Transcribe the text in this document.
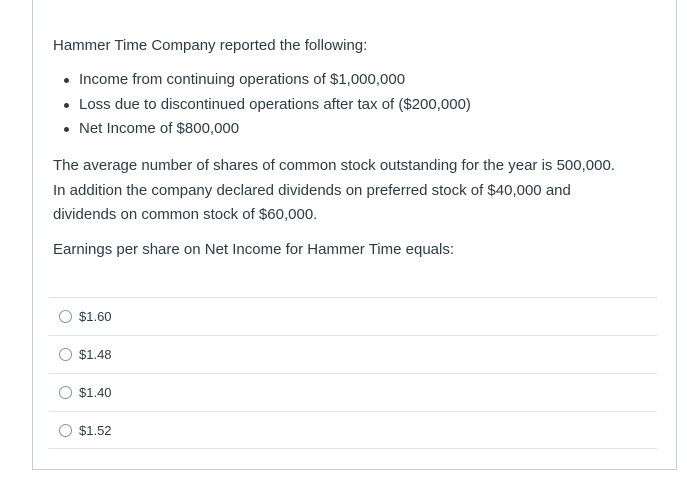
Hammer Time Company reported the following:
Income from continuing operations of $1,000,000
Loss due to discontinued operations after tax of ($200,000)
Net Income of $800,000
The average number of shares of common stock outstanding for the year is 500,000.
In addition the company declared dividends on preferred stock of $40,000 and
dividends on common stock of $60,000.
Earnings per share on Net Income for Hammer Time equals:
$1.60
$1.48
$1.40
$1.52
